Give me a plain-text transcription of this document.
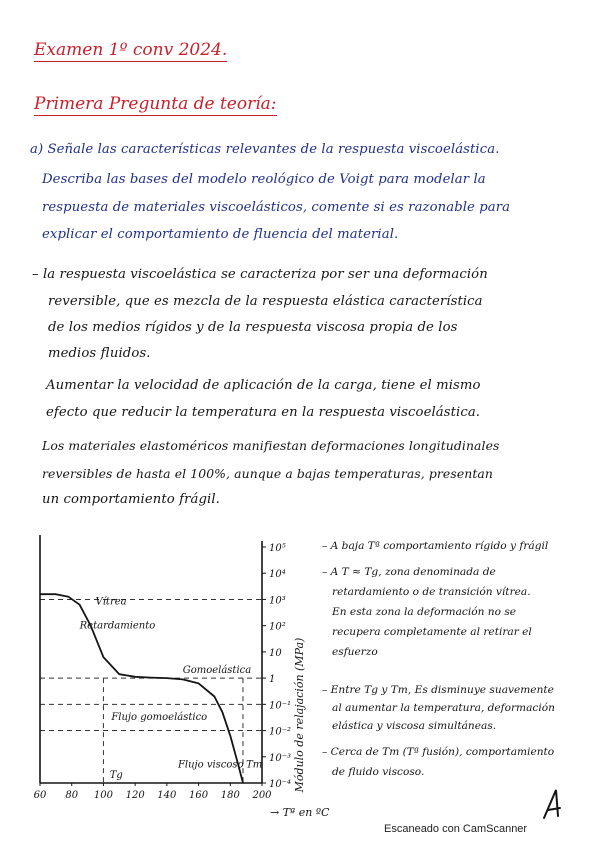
Examen 1º conv 2024.
Primera Pregunta de teoría:
a) Señale las características relevantes de la respuesta viscoelástica.
Describa las bases del modelo reológico de Voigt para modelar la
respuesta de materiales viscoelásticos, comente si es razonable para
explicar el comportamiento de fluencia del material.
– la respuesta viscoelástica se caracteriza por ser una deformación
reversible, que es mezcla de la respuesta elástica característica
de los medios rígidos y de la respuesta viscosa propia de los
medios fluidos.
Aumentar la velocidad de aplicación de la carga, tiene el mismo
efecto que reducir la temperatura en la respuesta viscoelástica.
Los materiales elastoméricos manifiestan deformaciones longitudinales
reversibles de hasta el 100%, aunque a bajas temperaturas, presentan
un comportamiento frágil.
– A baja Tª comportamiento rígido y frágil
– A T ≈ Tg, zona denominada de
retardamiento o de transición vítrea.
En esta zona la deformación no se
recupera completamente al retirar el
esfuerzo
– Entre Tg y Tm, Es disminuye suavemente
al aumentar la temperatura, deformación
elástica y viscosa simultáneas.
– Cerca de Tm (Tª fusión), comportamiento
de fluido viscoso.
60 80 100 120 140 160 180 200
10⁻⁴
10⁻³
10⁻²
10⁻¹
1
10
10²
10³
10⁴
10⁵
Vítrea
Retardamiento
Gomoelástica
Flujo gomoelástico
Flujo viscoso
Tg
Tm	Módulo de relajación (MPa)
→ Tª en ºC
Escaneado con CamScanner
